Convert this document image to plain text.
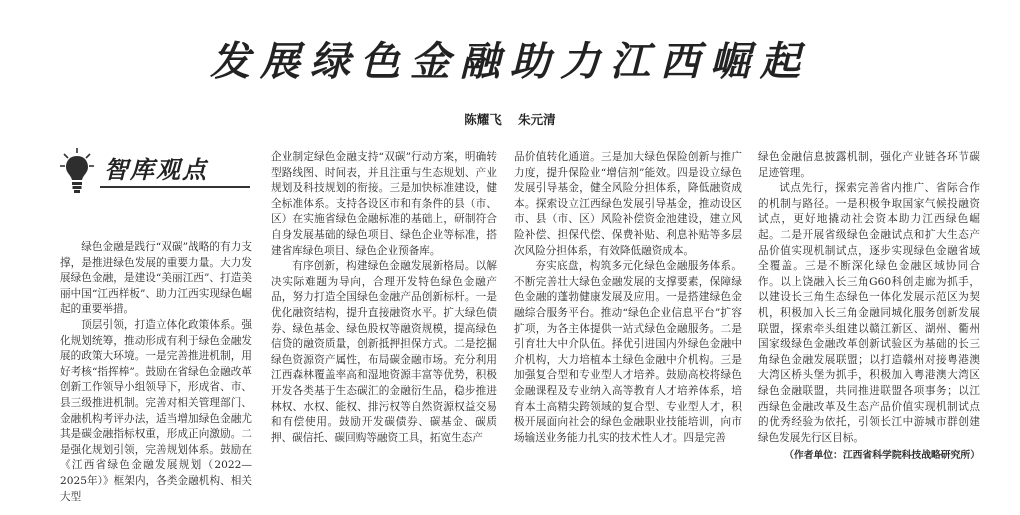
发展绿色金融助力江西崛起
陈耀飞 朱元清
智库观点

绿色金融是践行“双碳”战略的有力支撑，是推进绿色发展的重要力量。大力发展绿色金融，是建设“美丽江西”、打造美丽中国“江西样板”、助力江西实现绿色崛起的重要举措。

顶层引领，打造立体化政策体系。强化规划统筹，推动形成有利于绿色金融发展的政策大环境。一是完善推进机制，用好考核“指挥棒”。鼓励在省绿色金融改革创新工作领导小组领导下，形成省、市、县三级推进机制。完善对相关管理部门、金融机构考评办法，适当增加绿色金融尤其是碳金融指标权重，形成正向激励。二是强化规划引领，完善规划体系。鼓励在《江西省绿色金融发展规划（2022—2025年）》框架内，各类金融机构、相关大型

企业制定绿色金融支持“双碳”行动方案，明确转型路线图、时间表，并且注重与生态规划、产业规划及科技规划的衔接。三是加快标准建设，健全标准体系。支持各设区市和有条件的县（市、区）在实施省绿色金融标准的基础上，研制符合自身发展基础的绿色项目、绿色企业等标准，搭建省库绿色项目、绿色企业预备库。

有序创新，构建绿色金融发展新格局。以解决实际难题为导向，合理开发特色绿色金融产品，努力打造全国绿色金融产品创新标杆。一是优化融资结构，提升直接融资水平。扩大绿色债券、绿色基金、绿色股权等融资规模，提高绿色信贷的融资质量，创新抵押担保方式。二是挖掘绿色资源资产属性，布局碳金融市场。充分利用江西森林覆盖率高和湿地资源丰富等优势，积极开发各类基于生态碳汇的金融衍生品，稳步推进林权、水权、能权、排污权等自然资源权益交易和有偿使用。鼓励开发碳债券、碳基金、碳质押、碳信托、碳回购等融资工具，拓宽生态产

品价值转化通道。三是加大绿色保险创新与推广力度，提升保险业“增信剂”能效。四是设立绿色发展引导基金，健全风险分担体系，降低融资成本。探索设立江西绿色发展引导基金，推动设区市、县（市、区）风险补偿资金池建设，建立风险补偿、担保代偿、保费补贴、利息补贴等多层次风险分担体系，有效降低融资成本。

夯实底盘，构筑多元化绿色金融服务体系。不断完善壮大绿色金融发展的支撑要素，保障绿色金融的蓬勃健康发展及应用。一是搭建绿色金融综合服务平台。推动“绿色企业信息平台”扩容扩项，为各主体提供一站式绿色金融服务。二是引育壮大中介队伍。择优引进国内外绿色金融中介机构，大力培植本土绿色金融中介机构。三是加强复合型和专业型人才培养。鼓励高校将绿色金融课程及专业纳入高等教育人才培养体系，培育本土高精尖跨领域的复合型、专业型人才，积极开展面向社会的绿色金融职业技能培训，向市场输送业务能力扎实的技术性人才。四是完善

绿色金融信息披露机制，强化产业链各环节碳足迹管理。

试点先行，探索完善省内推广、省际合作的机制与路径。一是积极争取国家气候投融资试点，更好地撬动社会资本助力江西绿色崛起。二是开展省级绿色金融试点和扩大生态产品价值实现机制试点，逐步实现绿色金融省域全覆盖。三是不断深化绿色金融区域协同合作。以上饶融入长三角G60科创走廊为抓手，以建设长三角生态绿色一体化发展示范区为契机，积极加入长三角金融同城化服务创新发展联盟，探索牵头组建以赣江新区、湖州、衢州国家级绿色金融改革创新试验区为基础的长三角绿色金融发展联盟；以打造赣州对接粤港澳大湾区桥头堡为抓手，积极加入粤港澳大湾区绿色金融联盟，共同推进联盟各项事务；以江西绿色金融改革及生态产品价值实现机制试点的优秀经验为依托，引领长江中游城市群创建绿色发展先行区目标。

（作者单位：江西省科学院科技战略研究所）
